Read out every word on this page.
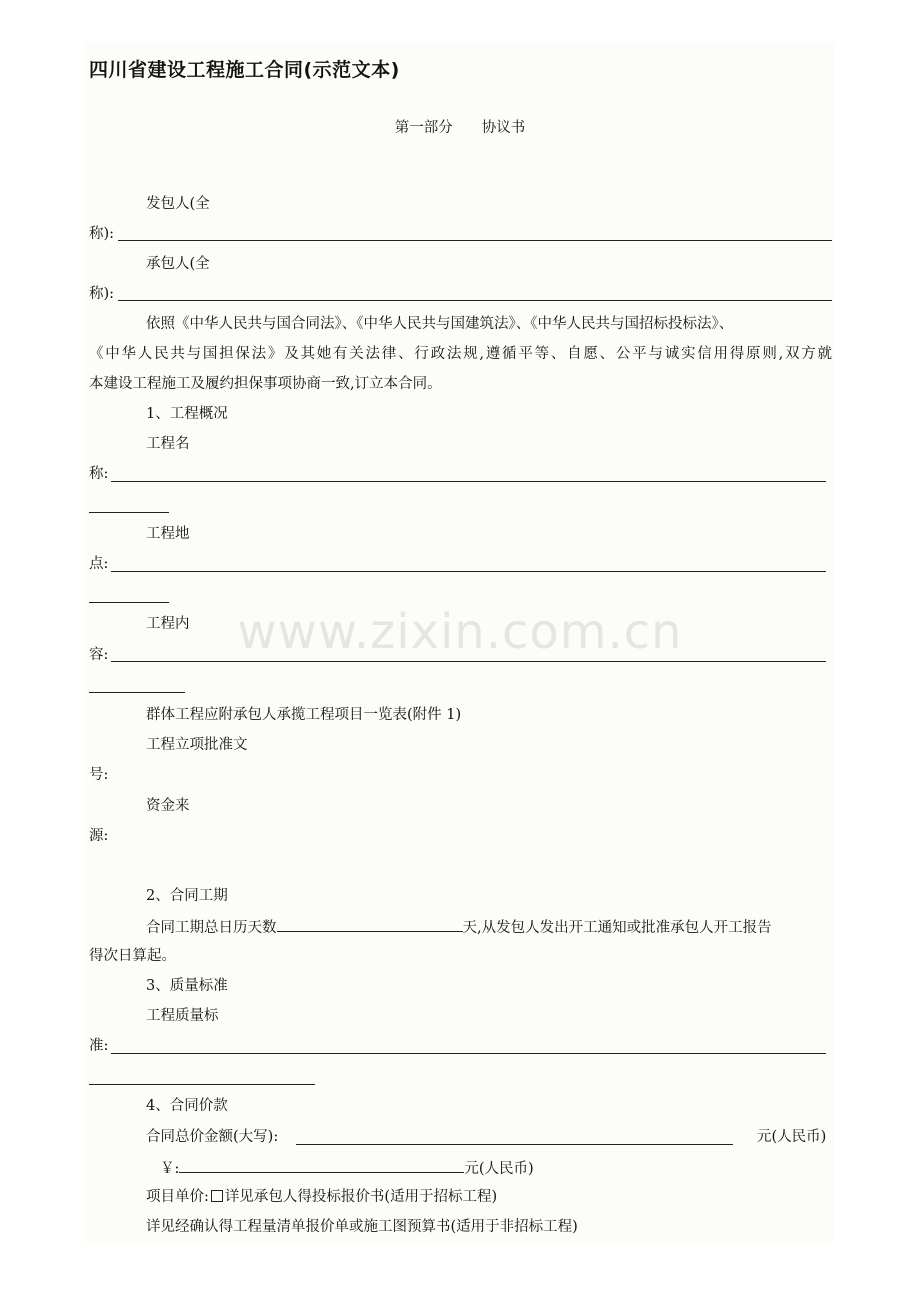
四川省建设工程施工合同(示范文本)
第一部分　　协议书
发包人(全
称):
承包人(全
称):
依照《中华人民共与国合同法》、《中华人民共与国建筑法》、《中华人民共与国招标投标法》、
《中华人民共与国担保法》及其她有关法律、行政法规,遵循平等、自愿、公平与诚实信用得原则,双方就
本建设工程施工及履约担保事项协商一致,订立本合同。
1、工程概况
工程名
称:
工程地
点:
工程内
容:
群体工程应附承包人承揽工程项目一览表(附件 1)
工程立项批准文
号:
资金来
源:
2、合同工期
合同工期总日历天数	天,从发包人发出开工通知或批准承包人开工报告
得次日算起。
3、质量标准
工程质量标
准:
4、合同价款
合同总价金额(大写):	元(人民币)
￥:	元(人民币)
项目单价: 详见承包人得投标报价书(适用于招标工程)
详见经确认得工程量清单报价单或施工图预算书(适用于非招标工程)
www.zixin.com.cn
